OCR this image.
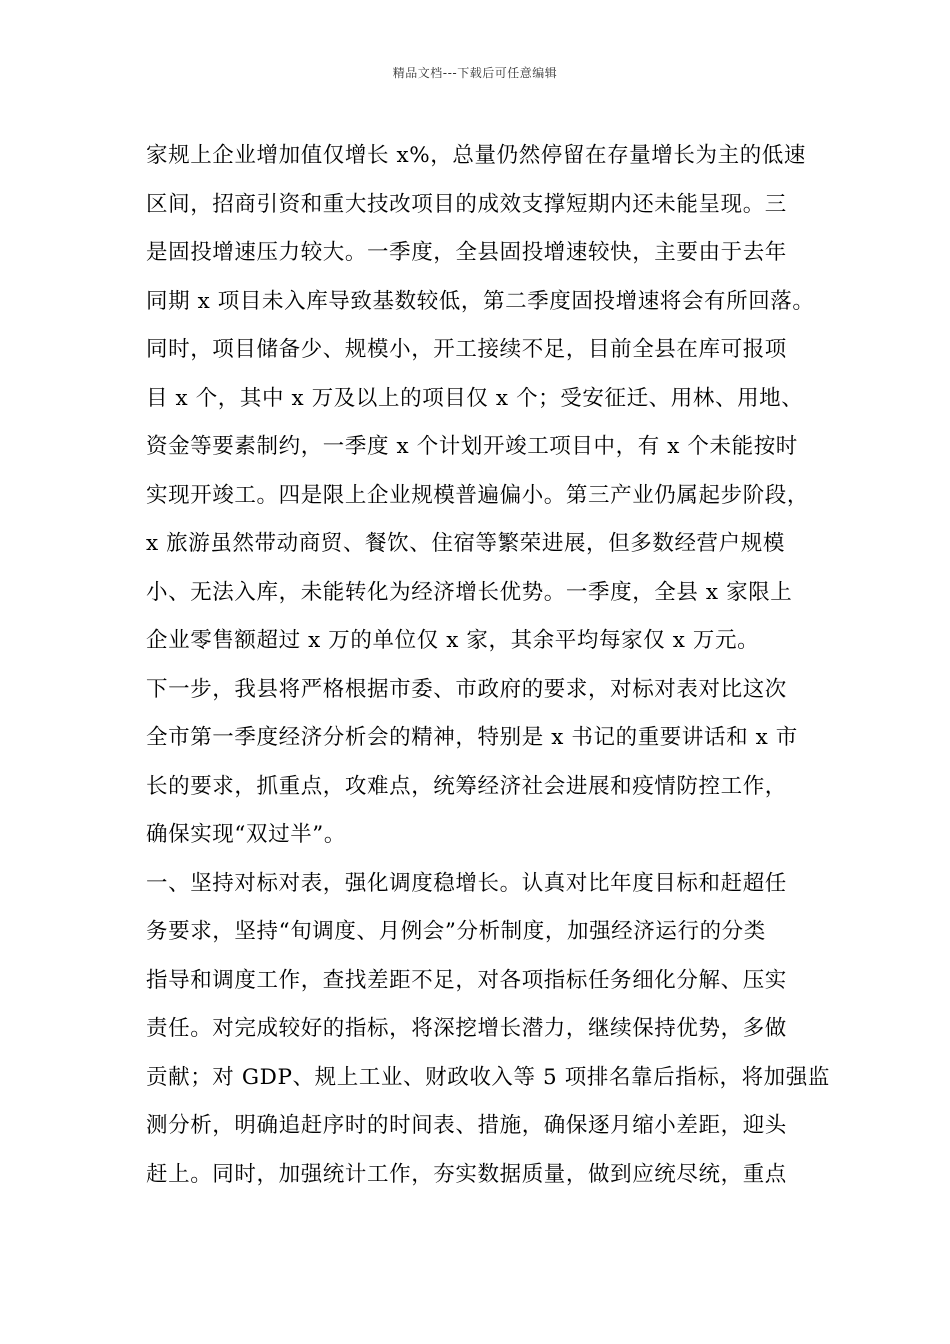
精品文档---下载后可任意编辑
家规上企业增加值仅增长 x%，总量仍然停留在存量增长为主的低速
区间，招商引资和重大技改项目的成效支撑短期内还未能呈现。三
是固投增速压力较大。一季度，全县固投增速较快，主要由于去年
同期 x 项目未入库导致基数较低，第二季度固投增速将会有所回落。
同时，项目储备少、规模小，开工接续不足，目前全县在库可报项
目 x 个，其中 x 万及以上的项目仅 x 个；受安征迁、用林、用地、
资金等要素制约，一季度 x 个计划开竣工项目中，有 x 个未能按时
实现开竣工。四是限上企业规模普遍偏小。第三产业仍属起步阶段，
x 旅游虽然带动商贸、餐饮、住宿等繁荣进展，但多数经营户规模
小、无法入库，未能转化为经济增长优势。一季度，全县 x 家限上
企业零售额超过 x 万的单位仅 x 家，其余平均每家仅 x 万元。
下一步，我县将严格根据市委、市政府的要求，对标对表对比这次
全市第一季度经济分析会的精神，特别是 x 书记的重要讲话和 x 市
长的要求，抓重点，攻难点，统筹经济社会进展和疫情防控工作，
确保实现“双过半”。
一、坚持对标对表，强化调度稳增长。认真对比年度目标和赶超任
务要求，坚持“旬调度、月例会”分析制度，加强经济运行的分类
指导和调度工作，查找差距不足，对各项指标任务细化分解、压实
责任。对完成较好的指标，将深挖增长潜力，继续保持优势，多做
贡献；对 GDP、规上工业、财政收入等 5 项排名靠后指标，将加强监
测分析，明确追赶序时的时间表、措施，确保逐月缩小差距，迎头
赶上。同时，加强统计工作，夯实数据质量，做到应统尽统，重点
